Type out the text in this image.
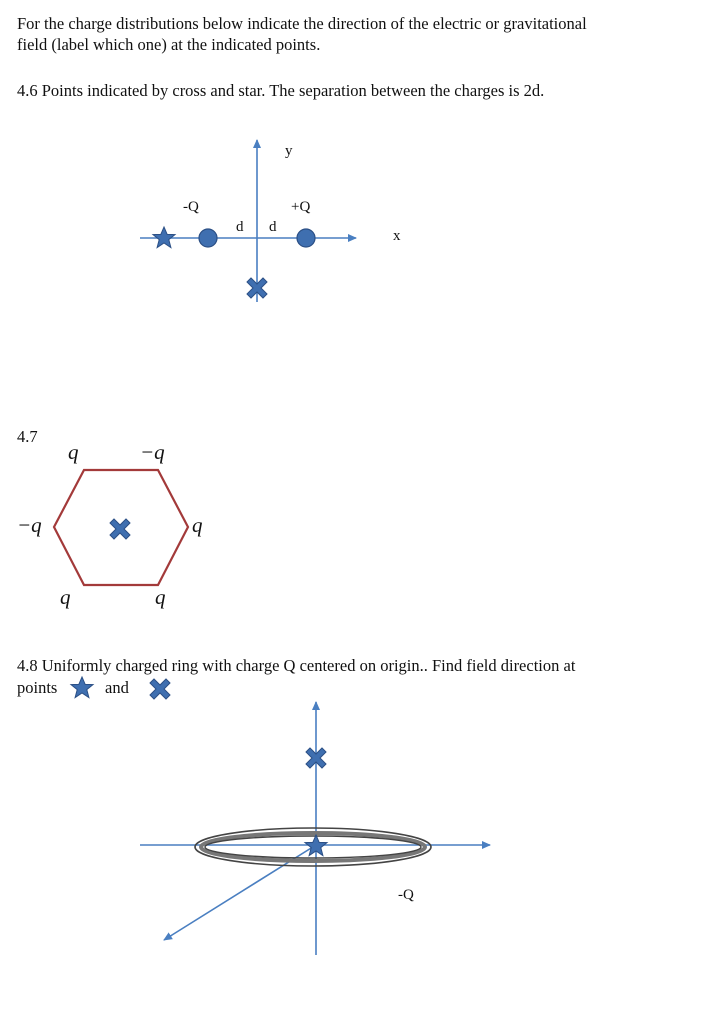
For the charge distributions below indicate the direction of the electric or gravitational
field (label which one) at the indicated points.
4.6 Points indicated by cross and star. The separation between the charges is 2d.
y
x
-Q	+Q
d d
4.7
q	−q
−q	q
q	q
4.8 Uniformly charged ring with charge Q centered on origin.. Find field direction at
points	and
-Q
